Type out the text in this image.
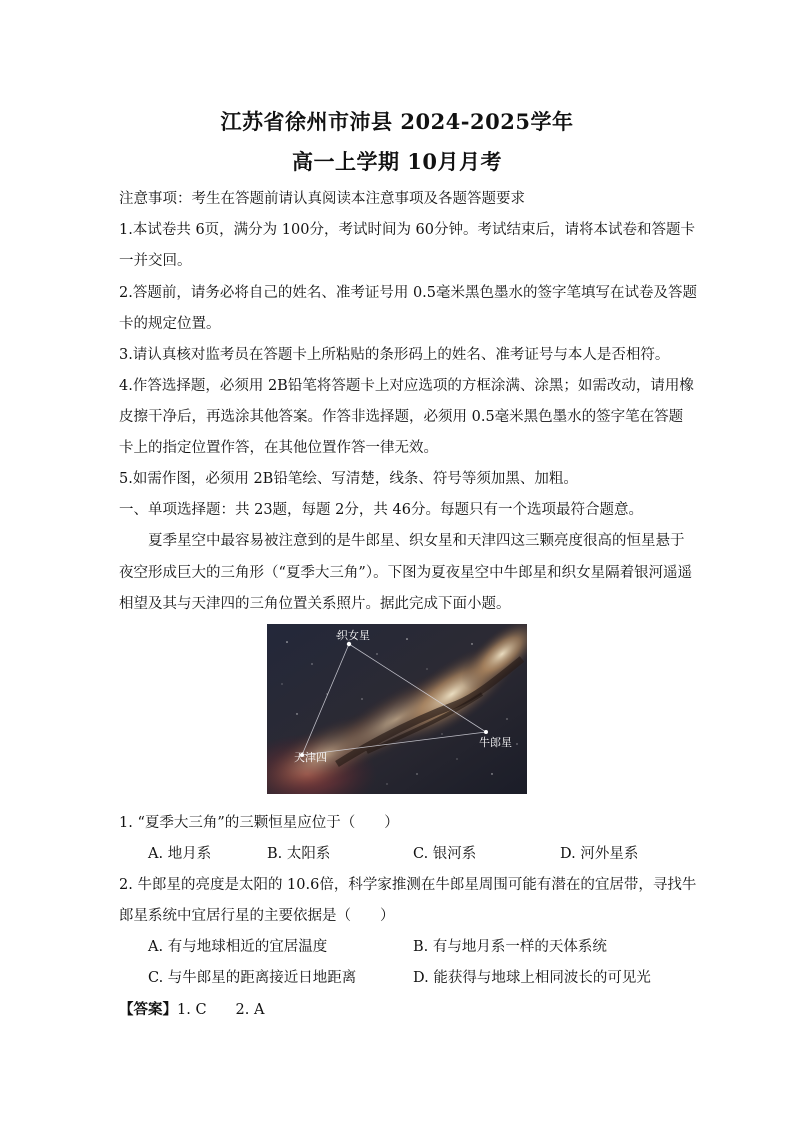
江苏省徐州市沛县 2024-2025学年
高一上学期 10月月考
注意事项：考生在答题前请认真阅读本注意事项及各题答题要求
1.本试卷共 6页，满分为 100分，考试时间为 60分钟。考试结束后，请将本试卷和答题卡
一并交回。
2.答题前，请务必将自己的姓名、准考证号用 0.5毫米黑色墨水的签字笔填写在试卷及答题
卡的规定位置。
3.请认真核对监考员在答题卡上所粘贴的条形码上的姓名、准考证号与本人是否相符。
4.作答选择题，必须用 2B铅笔将答题卡上对应选项的方框涂满、涂黑；如需改动，请用橡
皮擦干净后，再选涂其他答案。作答非选择题，必须用 0.5毫米黑色墨水的签字笔在答题
卡上的指定位置作答，在其他位置作答一律无效。
5.如需作图，必须用 2B铅笔绘、写清楚，线条、符号等须加黑、加粗。
一、单项选择题：共 23题，每题 2分，共 46分。每题只有一个选项最符合题意。
夏季星空中最容易被注意到的是牛郎星、织女星和天津四这三颗亮度很高的恒星悬于
夜空形成巨大的三角形（“夏季大三角”）。下图为夏夜星空中牛郎星和织女星隔着银河遥遥
相望及其与天津四的三角位置关系照片。据此完成下面小题。
织女星
牛郎星
天津四
1. “夏季大三角”的三颗恒星应位于（　　）
A. 地月系	B. 太阳系	C. 银河系	D. 河外星系
2. 牛郎星的亮度是太阳的 10.6倍，科学家推测在牛郎星周围可能有潜在的宜居带，寻找牛
郎星系统中宜居行星的主要依据是（　　）
A. 有与地球相近的宜居温度	B. 有与地月系一样的天体系统
C. 与牛郎星的距离接近日地距离	D. 能获得与地球上相同波长的可见光
【答案】1. C　　2. A
